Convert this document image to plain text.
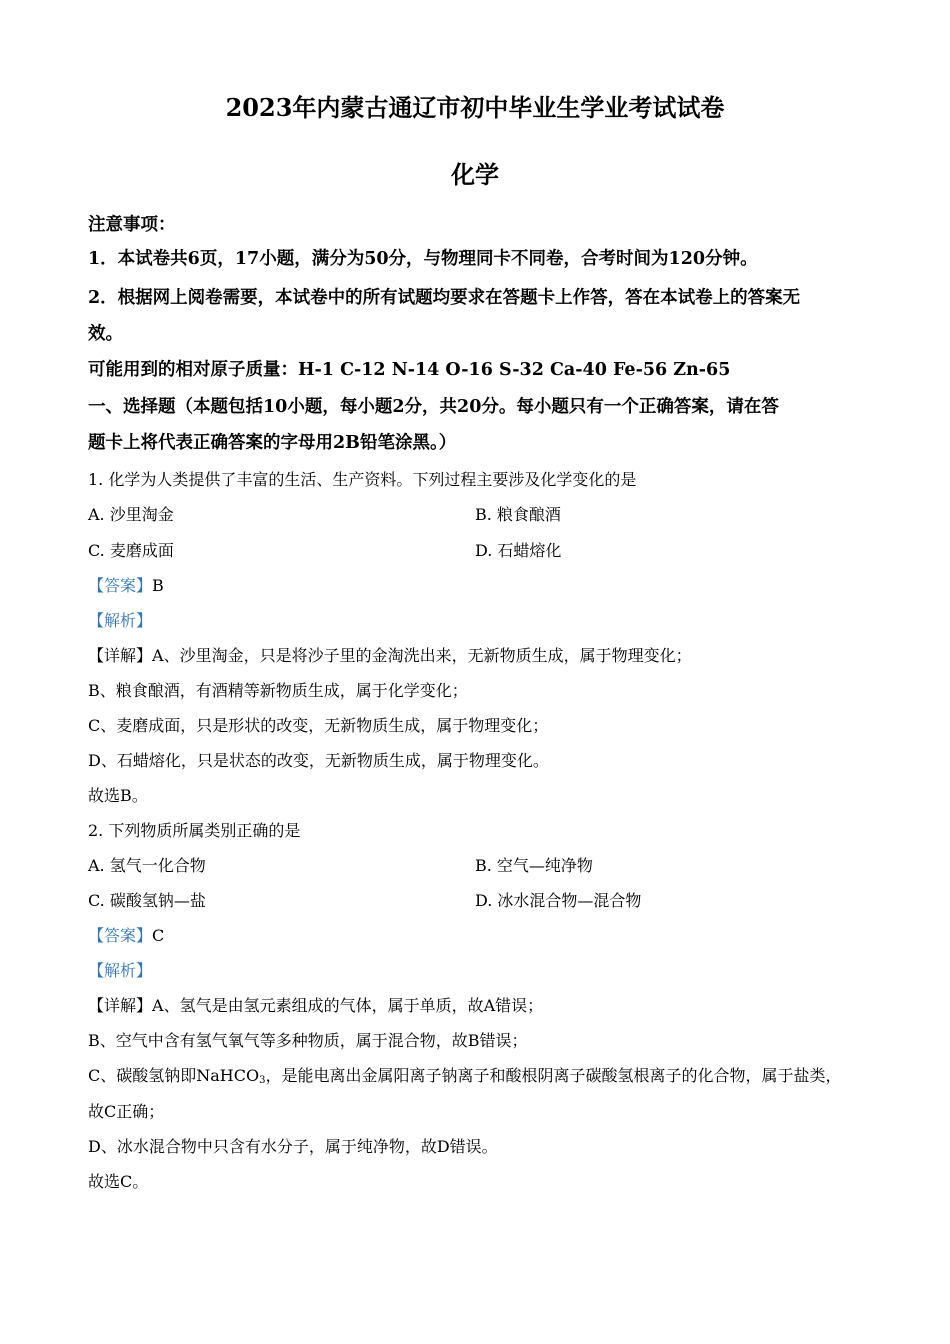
2023年内蒙古通辽市初中毕业生学业考试试卷
化学
注意事项：
1．本试卷共6页，17小题，满分为50分，与物理同卡不同卷，合考时间为120分钟。
2．根据网上阅卷需要，本试卷中的所有试题均要求在答题卡上作答，答在本试卷上的答案无
效。
可能用到的相对原子质量：H-1 C-12 N-14 O-16 S-32 Ca-40 Fe-56 Zn-65
一、选择题（本题包括10小题，每小题2分，共20分。每小题只有一个正确答案，请在答
题卡上将代表正确答案的字母用2B铅笔涂黑。）
1. 化学为人类提供了丰富的生活、生产资料。下列过程主要涉及化学变化的是
A. 沙里淘金	B. 粮食酿酒
C. 麦磨成面	D. 石蜡熔化
【答案】B
【解析】
【详解】A、沙里淘金，只是将沙子里的金淘洗出来，无新物质生成，属于物理变化；
B、粮食酿酒，有酒精等新物质生成，属于化学变化；
C、麦磨成面，只是形状的改变，无新物质生成，属于物理变化；
D、石蜡熔化，只是状态的改变，无新物质生成，属于物理变化。
故选B。
2. 下列物质所属类别正确的是
A. 氢气一化合物	B. 空气—纯净物
C. 碳酸氢钠—盐	D. 冰水混合物—混合物
【答案】C
【解析】
【详解】A、氢气是由氢元素组成的气体，属于单质，故A错误；
B、空气中含有氢气氧气等多种物质，属于混合物，故B错误；
C、碳酸氢钠即NaHCO$_3$，是能电离出金属阳离子钠离子和酸根阴离子碳酸氢根离子的化合物，属于盐类，
故C正确；
D、冰水混合物中只含有水分子，属于纯净物，故D错误。
故选C。
